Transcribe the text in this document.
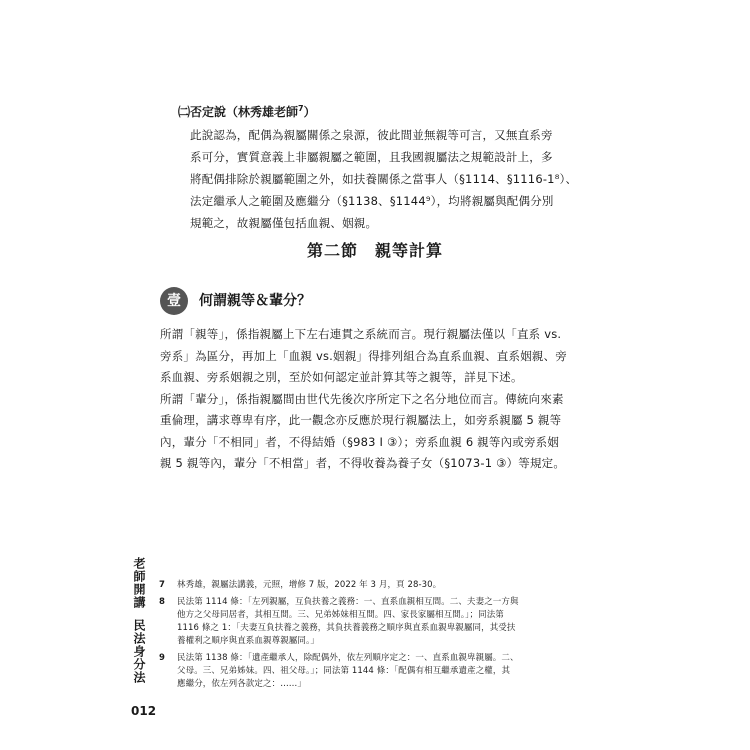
㈡否定說（林秀雄老師$^7$）
此說認為，配偶為親屬關係之泉源，彼此間並無親等可言，又無直系旁
系可分，實質意義上非屬親屬之範圍，且我國親屬法之規範設計上，多
將配偶排除於親屬範圍之外，如扶養關係之當事人（§1114、§1116-1⁸）、
法定繼承人之範圍及應繼分（§1138、§1144⁹），均將親屬與配偶分別
規範之，故親屬僅包括血親、姻親。
第二節　親等計算
壹	何謂親等＆輩分？
所謂「親等」，係指親屬上下左右連貫之系統而言。現行親屬法僅以「直系 vs.
旁系」為區分，再加上「血親 vs.姻親」得排列組合為直系血親、直系姻親、旁
系血親、旁系姻親之別，至於如何認定並計算其等之親等，詳見下述。
所謂「輩分」，係指親屬間由世代先後次序所定下之名分地位而言。傳統向來素
重倫理，講求尊卑有序，此一觀念亦反應於現行親屬法上，如旁系親屬 5 親等
內，輩分「不相同」者，不得結婚（§983 I ③）；旁系血親 6 親等內或旁系姻
親 5 親等內，輩分「不相當」者，不得收養為養子女（§1073-1 ③）等規定。
老師開講民法身分法
012
7 林秀雄，親屬法講義，元照，增修 7 版，2022 年 3 月，頁 28-30。
8 民法第 1114 條：「左列親屬，互負扶養之義務：一、直系血親相互間。二、夫妻之一方與
他方之父母同居者，其相互間。三、兄弟姊妹相互間。四、家長家屬相互間。」；同法第
1116 條之 1：「夫妻互負扶養之義務，其負扶養義務之順序與直系血親卑親屬同，其受扶
養權利之順序與直系血親尊親屬同。」
9 民法第 1138 條：「遺產繼承人，除配偶外，依左列順序定之：一、直系血親卑親屬。二、
父母。三、兄弟姊妹。四、祖父母。」；同法第 1144 條：「配偶有相互繼承遺產之權，其
應繼分，依左列各款定之：……」
